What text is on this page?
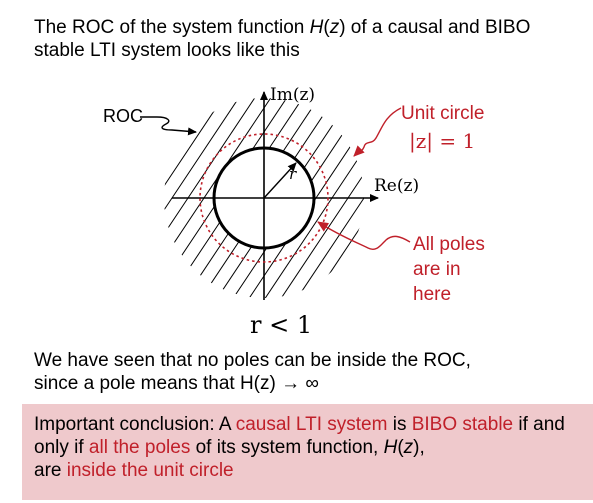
The ROC of the system function H(z) of a causal and BIBO stable LTI system looks like this
Im(z)
Re(z)
r
ROC	Unit circle
|z| = 1
All poles
are in
here
r < 1
We have seen that no poles can be inside the ROC,
since a pole means that H(z) → ∞
Important conclusion: A causal LTI system is BIBO stable if and only if all the poles of its system function, H(z),
are inside the unit circle
